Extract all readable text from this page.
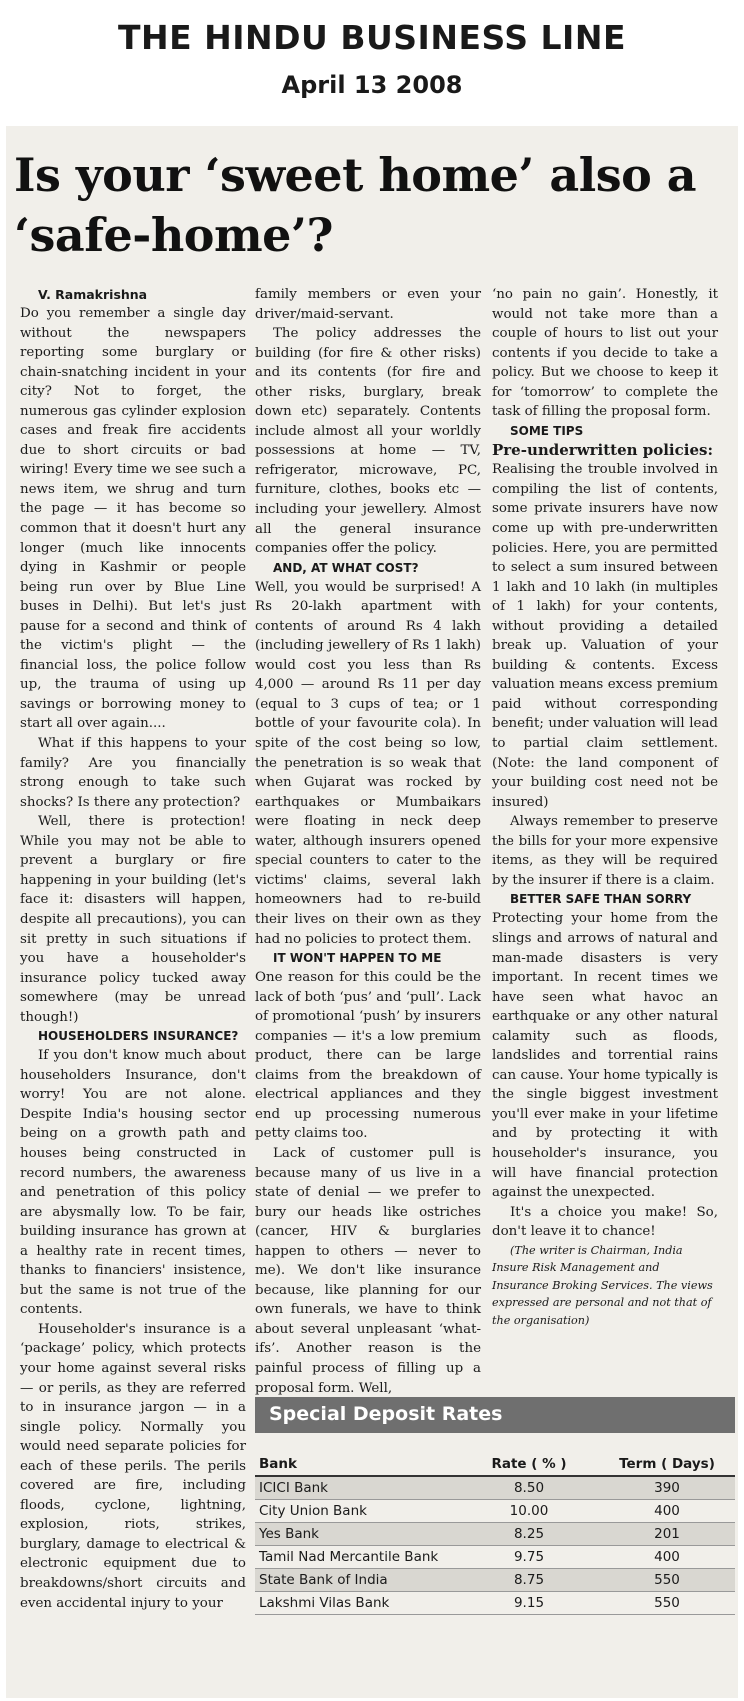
THE HINDU BUSINESS LINE
April 13 2008
Is your ‘sweet home’ also a
‘safe-home’?

V. Ramakrishna

Do you remember a single day without the newspapers reporting some burglary or chain-snatching incident in your city? Not to forget, the numerous gas cylinder explosion cases and freak fire accidents due to short circuits or bad wiring! Every time we see such a news item, we shrug and turn the page — it has become so common that it doesn't hurt any longer (much like innocents dying in Kashmir or people being run over by Blue Line buses in Delhi). But let's just pause for a second and think of the victim's plight — the financial loss, the police follow up, the trauma of using up savings or borrowing money to start all over again....

What if this happens to your family? Are you financially strong enough to take such shocks? Is there any protection?

Well, there is protection! While you may not be able to prevent a burglary or fire happening in your building (let's face it: disasters will happen, despite all precautions), you can sit pretty in such situations if you have a householder's insurance policy tucked away somewhere (may be unread though!)

HOUSEHOLDERS INSURANCE?

If you don't know much about householders Insurance, don't worry! You are not alone. Despite India's housing sector being on a growth path and houses being constructed in record numbers, the awareness and penetration of this policy are abysmally low. To be fair, building insurance has grown at a healthy rate in recent times, thanks to financiers' insistence, but the same is not true of the contents.

Householder's insurance is a ‘package’ policy, which protects your home against several risks — or perils, as they are referred to in insurance jargon — in a single policy. Normally you would need separate policies for each of these perils. The perils covered are fire, including floods, cyclone, lightning, explosion, riots, strikes, burglary, damage to electrical & electronic equipment due to breakdowns/short circuits and even accidental injury to your

family members or even your driver/maid-servant.

The policy addresses the building (for fire & other risks) and its contents (for fire and other risks, burglary, break down etc) separately. Contents include almost all your worldly possessions at home — TV, refrigerator, microwave, PC, furniture, clothes, books etc — including your jewellery. Almost all the general insurance companies offer the policy.

AND, AT WHAT COST?

Well, you would be surprised! A Rs 20-lakh apartment with contents of around Rs 4 lakh (including jewellery of Rs 1 lakh) would cost you less than Rs 4,000 — around Rs 11 per day (equal to 3 cups of tea; or 1 bottle of your favourite cola). In spite of the cost being so low, the penetration is so weak that when Gujarat was rocked by earthquakes or Mumbaikars were floating in neck deep water, although insurers opened special counters to cater to the victims' claims, several lakh homeowners had to re-build their lives on their own as they had no policies to protect them.

IT WON'T HAPPEN TO ME

One reason for this could be the lack of both ‘pus’ and ‘pull’. Lack of promotional ‘push’ by insurers companies — it's a low premium product, there can be large claims from the breakdown of electrical appliances and they end up processing numerous petty claims too.

Lack of customer pull is because many of us live in a state of denial — we prefer to bury our heads like ostriches (cancer, HIV & burglaries happen to others — never to me). We don't like insurance because, like planning for our own funerals, we have to think about several unpleasant ‘what-ifs’. Another reason is the painful process of filling up a proposal form. Well,

‘no pain no gain’. Honestly, it would not take more than a couple of hours to list out your contents if you decide to take a policy. But we choose to keep it for ‘tomorrow’ to complete the task of filling the proposal form.

SOME TIPS

Pre-underwritten policies:

Realising the trouble involved in compiling the list of contents, some private insurers have now come up with pre-underwritten policies. Here, you are permitted to select a sum insured between 1 lakh and 10 lakh (in multiples of 1 lakh) for your contents, without providing a detailed break up. Valuation of your building & contents. Excess valuation means excess premium paid without corresponding benefit; under valuation will lead to partial claim settlement. (Note: the land component of your building cost need not be insured)

Always remember to preserve the bills for your more expensive items, as they will be required by the insurer if there is a claim.

BETTER SAFE THAN SORRY

Protecting your home from the slings and arrows of natural and man-made disasters is very important. In recent times we have seen what havoc an earthquake or any other natural calamity such as floods, landslides and torrential rains can cause. Your home typically is the single biggest investment you'll ever make in your lifetime and by protecting it with householder's insurance, you will have financial protection against the unexpected.

It's a choice you make! So, don't leave it to chance!

(The writer is Chairman, India Insure Risk Management and Insurance Broking Services. The views expressed are personal and not that of the organisation)

Special Deposit Rates
Bank	Rate ( % )	Term ( Days)
ICICI Bank	8.50	390
City Union Bank	10.00	400
Yes Bank	8.25	201
Tamil Nad Mercantile Bank	9.75	400
State Bank of India	8.75	550
Lakshmi Vilas Bank	9.15	550
